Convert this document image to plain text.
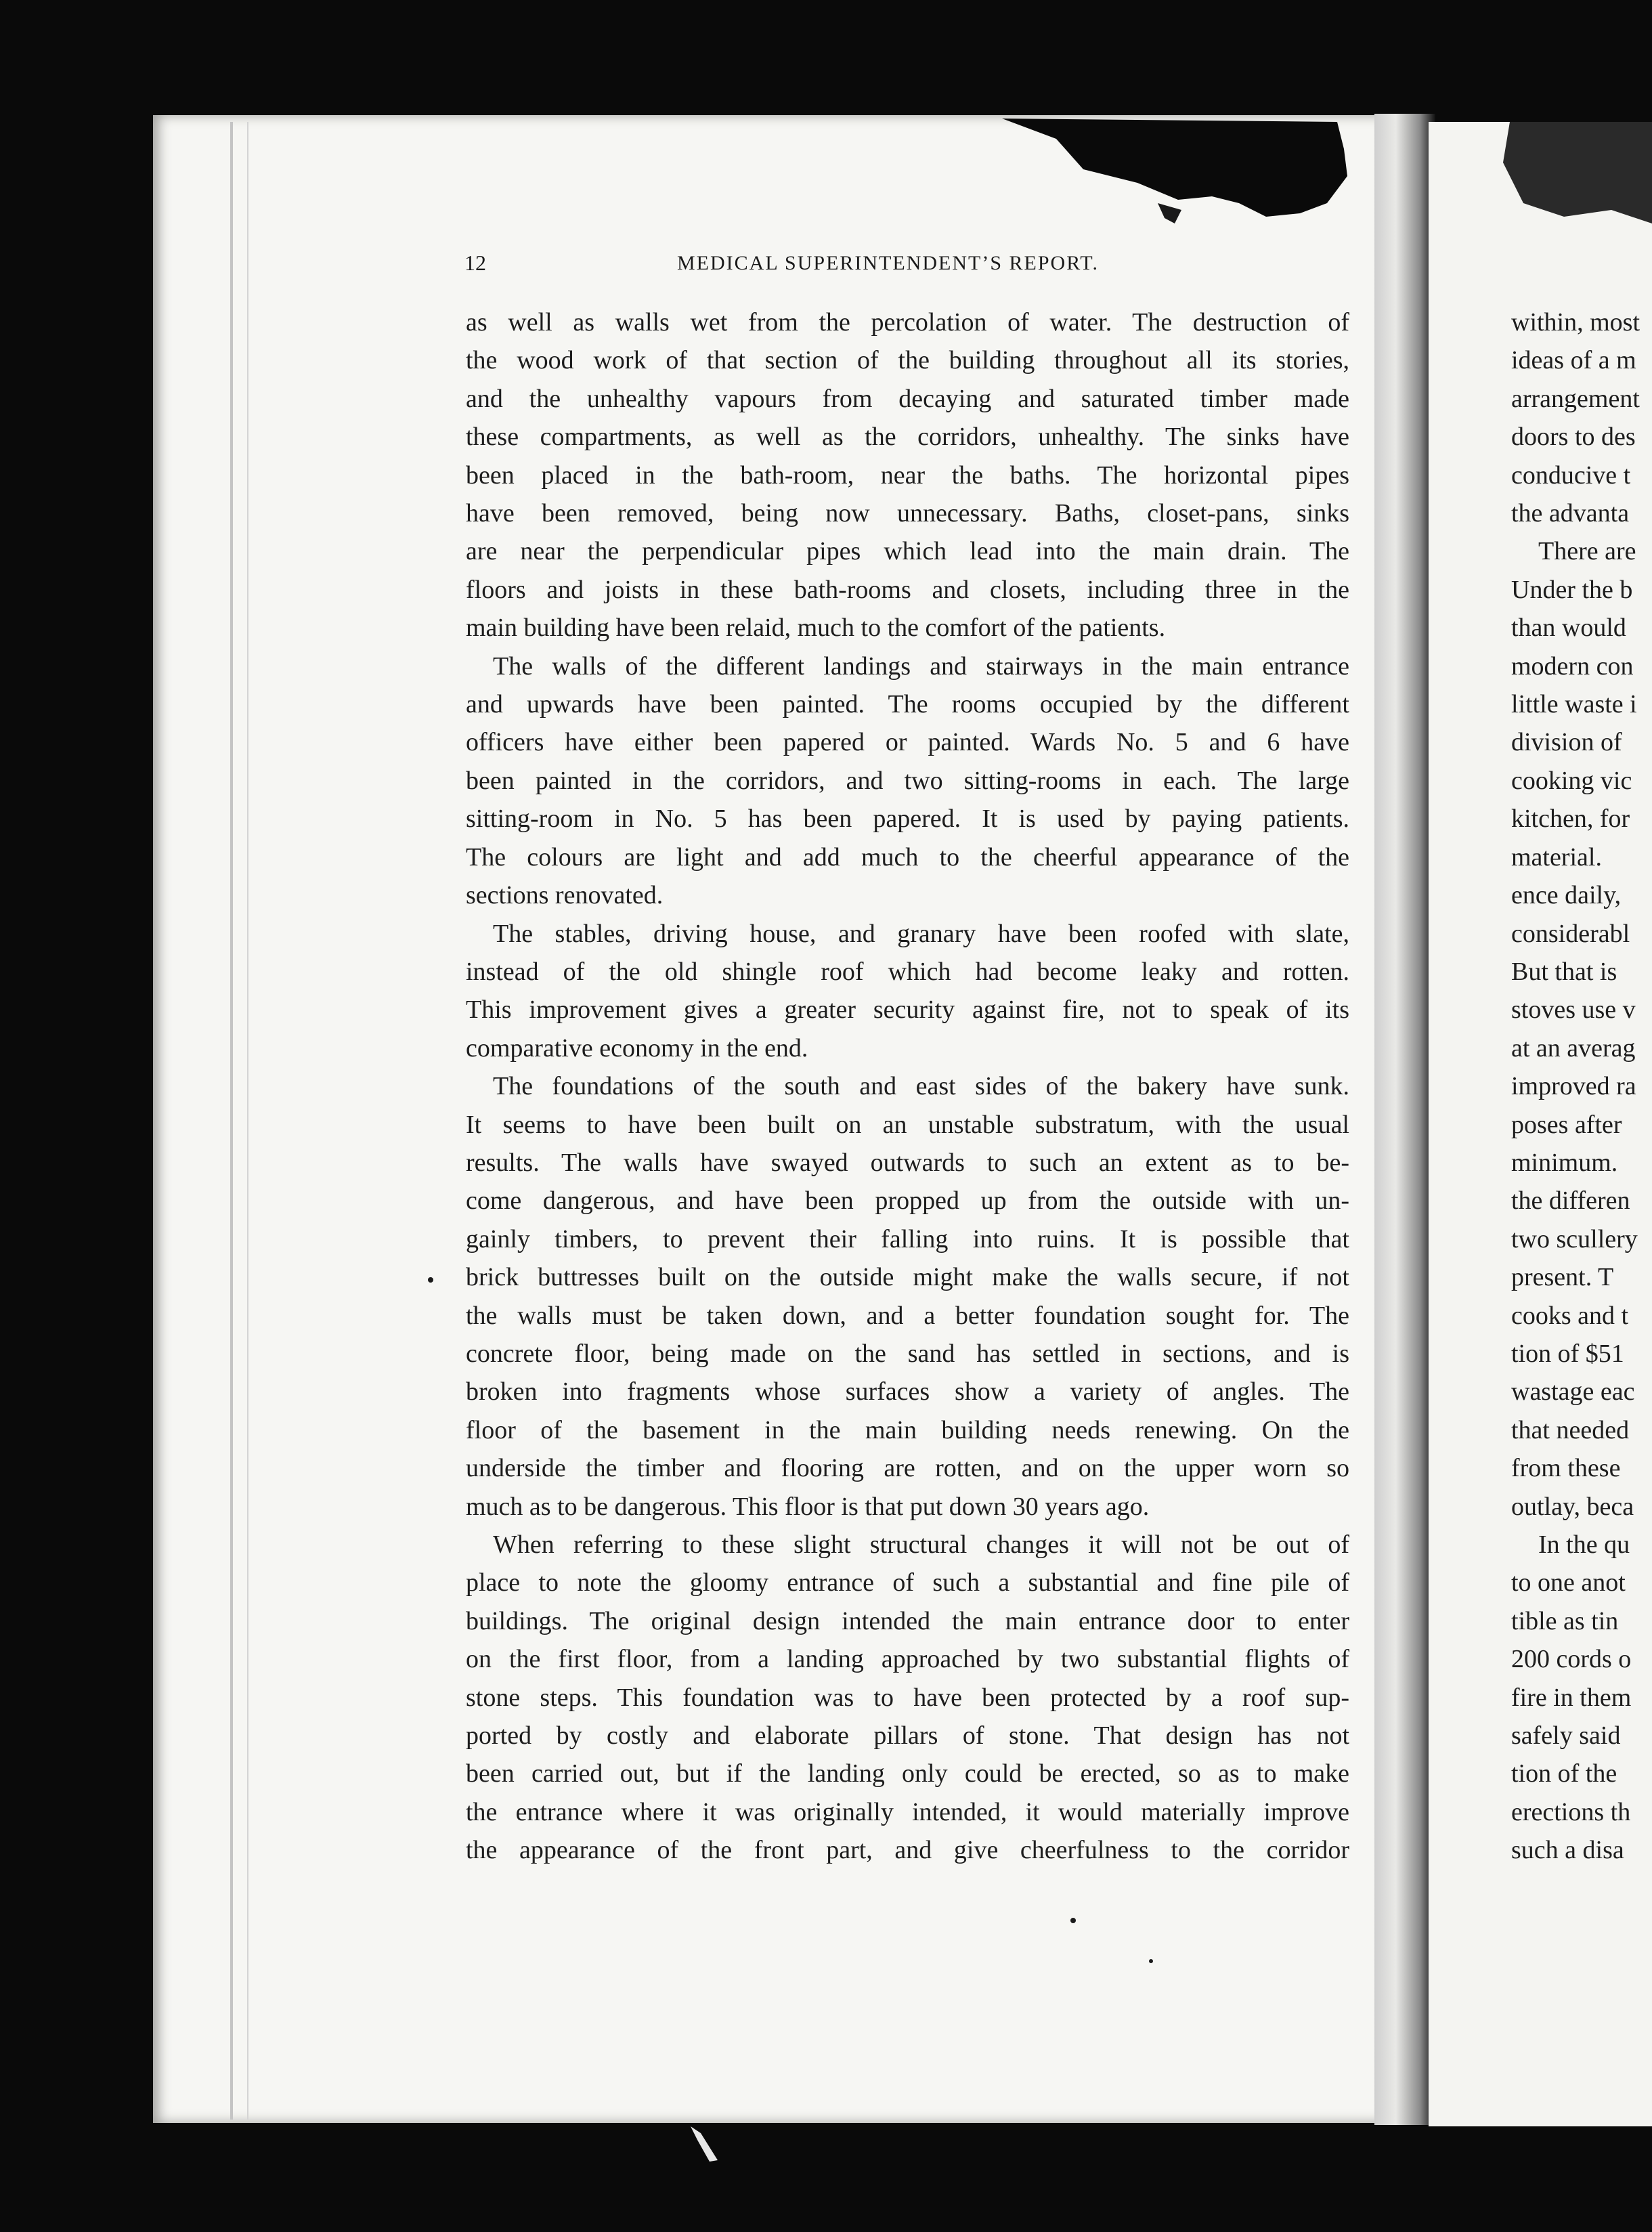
12	MEDICAL SUPERINTENDENT’S REPORT.
as well as walls wet from the percolation of water. The destruction of
the wood work of that section of the building throughout all its stories,
and the unhealthy vapours from decaying and saturated timber made
these compartments, as well as the corridors, unhealthy. The sinks have
been placed in the bath-room, near the baths. The horizontal pipes
have been removed, being now unnecessary. Baths, closet-pans, sinks
are near the perpendicular pipes which lead into the main drain. The
floors and joists in these bath-rooms and closets, including three in the
main building have been relaid, much to the comfort of the patients.
The walls of the different landings and stairways in the main entrance
and upwards have been painted. The rooms occupied by the different
officers have either been papered or painted. Wards No. 5 and 6 have
been painted in the corridors, and two sitting-rooms in each. The large
sitting-room in No. 5 has been papered. It is used by paying patients.
The colours are light and add much to the cheerful appearance of the
sections renovated.
The stables, driving house, and granary have been roofed with slate,
instead of the old shingle roof which had become leaky and rotten.
This improvement gives a greater security against fire, not to speak of its
comparative economy in the end.
The foundations of the south and east sides of the bakery have sunk.
It seems to have been built on an unstable substratum, with the usual
results. The walls have swayed outwards to such an extent as to be-
come dangerous, and have been propped up from the outside with un-
gainly timbers, to prevent their falling into ruins. It is possible that
brick buttresses built on the outside might make the walls secure, if not
the walls must be taken down, and a better foundation sought for. The
concrete floor, being made on the sand has settled in sections, and is
broken into fragments whose surfaces show a variety of angles. The
floor of the basement in the main building needs renewing. On the
underside the timber and flooring are rotten, and on the upper worn so
much as to be dangerous. This floor is that put down 30 years ago.
When referring to these slight structural changes it will not be out of
place to note the gloomy entrance of such a substantial and fine pile of
buildings. The original design intended the main entrance door to enter
on the first floor, from a landing approached by two substantial flights of
stone steps. This foundation was to have been protected by a roof sup-
ported by costly and elaborate pillars of stone. That design has not
been carried out, but if the landing only could be erected, so as to make
the entrance where it was originally intended, it would materially improve
the appearance of the front part, and give cheerfulness to the corridor
within, most
ideas of a m
arrangement
doors to des
conducive t
the advanta
There are
Under the b
than would
modern con
little waste i
division of
cooking vic
kitchen, for
material.
ence daily,
considerabl
But that is
stoves use v
at an averag
improved ra
poses after
minimum.
the differen
two scullery
present. T
cooks and t
tion of $51
wastage eac
that needed
from these
outlay, beca
In the qu
to one anot
tible as tin
200 cords o
fire in them
safely said
tion of the
erections th
such a disa
